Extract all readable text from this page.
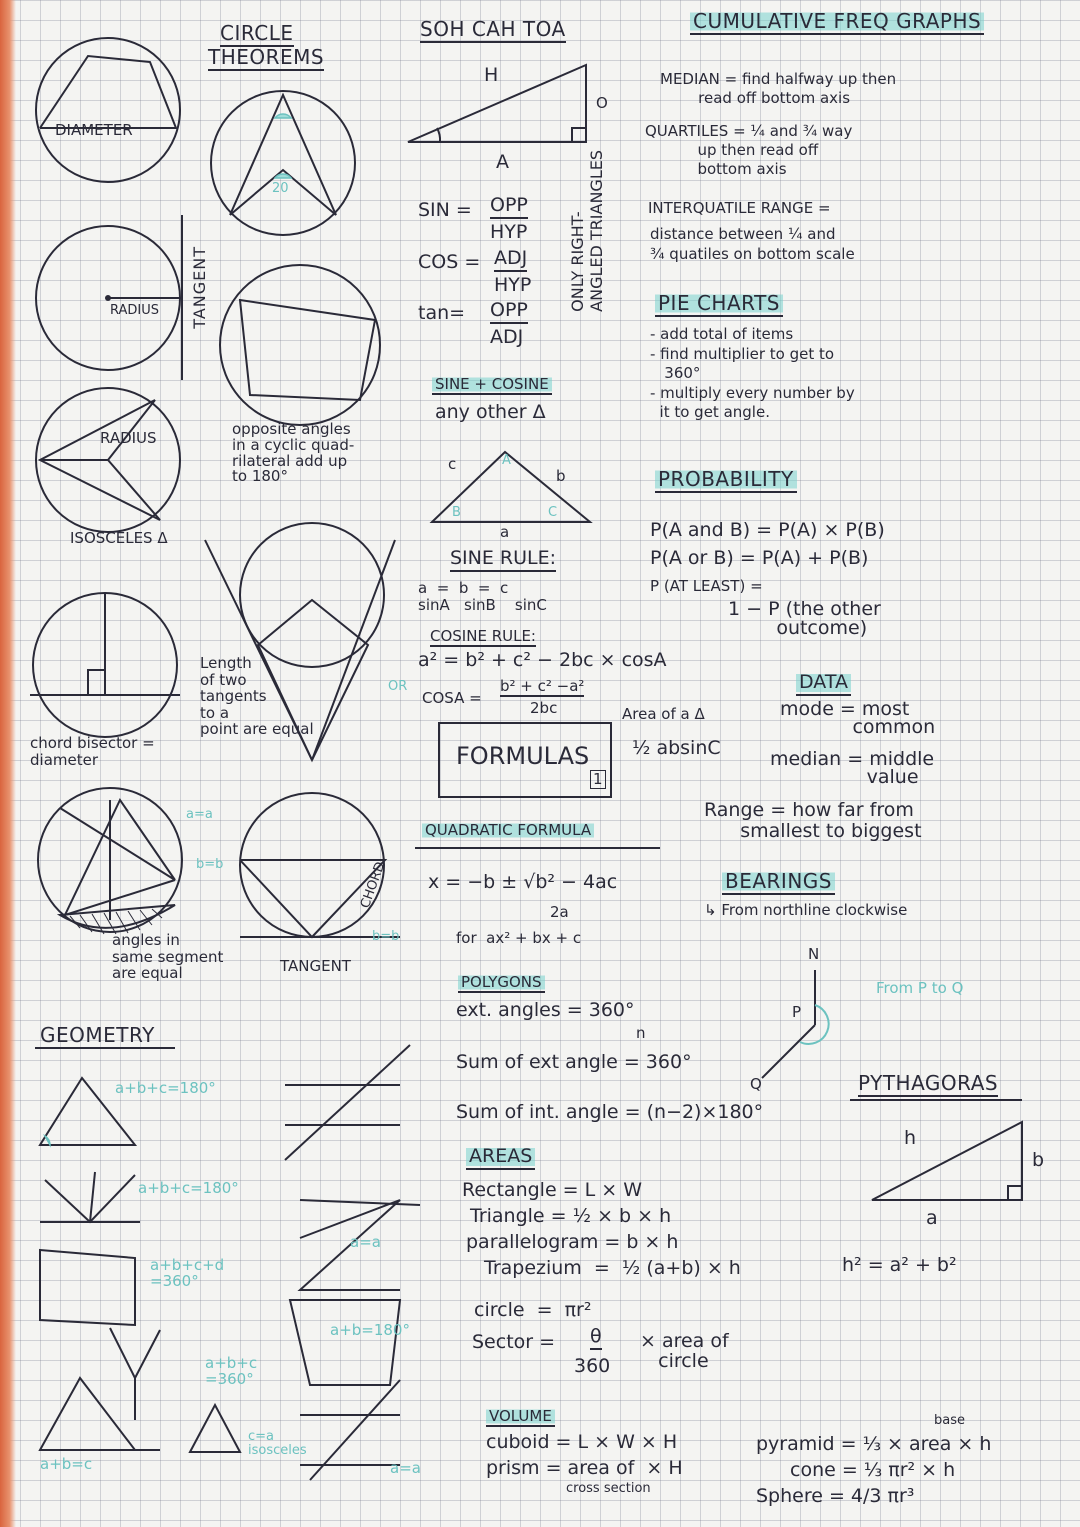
CIRCLE
THEOREMS
DIAMETER
RADIUS TANGENT
RADIUS
ISOSCELES Δ
opposite angles
in a cyclic quad-
rilateral add up
to 180°
Length
of two
tangents
to a
point are equal
chord bisector =
diameter
a=a
b=b
b=b
CHORD
angles in
same segment
are equal	TANGENT
OR
20
GEOMETRY
a+b+c=180°
a+b+c=180°
a+b+c+d
=360°
a+b+c
=360°
c=a
isosceles
a+b=c
a=a
a+b=180°
a=a
SOH CAH TOA
H
O
A
SIN = OPP
HYP
COS = ADJ
HYP
tan= OPP
ADJ
ONLY RIGHT-
ANGLED TRIANGLES
SINE + COSINE
any other Δ
c	A
b
B	C
a
SINE RULE:
a  =  b  =  c
sinA   sinB    sinC
COSINE RULE:
a² = b² + c² − 2bc × cosA
COSA =
b² + c² −a²
2bc	Area of a Δ
½ absinC
FORMULAS
1
QUADRATIC FORMULA
x = −b ± √b² − 4ac
2a
for  ax² + bx + c
POLYGONS
ext. angles = 360°
n
Sum of ext angle = 360°
Sum of int. angle = (n−2)×180°
AREAS
Rectangle = L × W
Triangle = ½ × b × h
parallelogram = b × h
Trapezium  =  ½ (a+b) × h
circle  =  πr²
Sector = θ
360
× area of
circle
VOLUME
cuboid = L × W × H
prism = area of  × H
cross section
base
pyramid = ⅓ × area × h
cone = ⅓ πr² × h
Sphere = 4/3 πr³
CUMULATIVE FREQ GRAPHS
MEDIAN = find halfway up then
read off bottom axis
QUARTILES = ¼ and ¾ way
up then read off
bottom axis
INTERQUATILE RANGE =
distance between ¼ and
¾ quatiles on bottom scale
PIE CHARTS
- add total of items
- find multiplier to get to
360°
- multiply every number by
it to get angle.
PROBABILITY
P(A and B) = P(A) × P(B)
P(A or B) = P(A) + P(B)
P (AT LEAST) =
1 − P (the other
outcome)
DATA
mode = most
common
median = middle
value
Range = how far from
smallest to biggest
BEARINGS
↳ From northline clockwise
N
P
Q
From P to Q
PYTHAGORAS
h
a
b
h² = a² + b²
